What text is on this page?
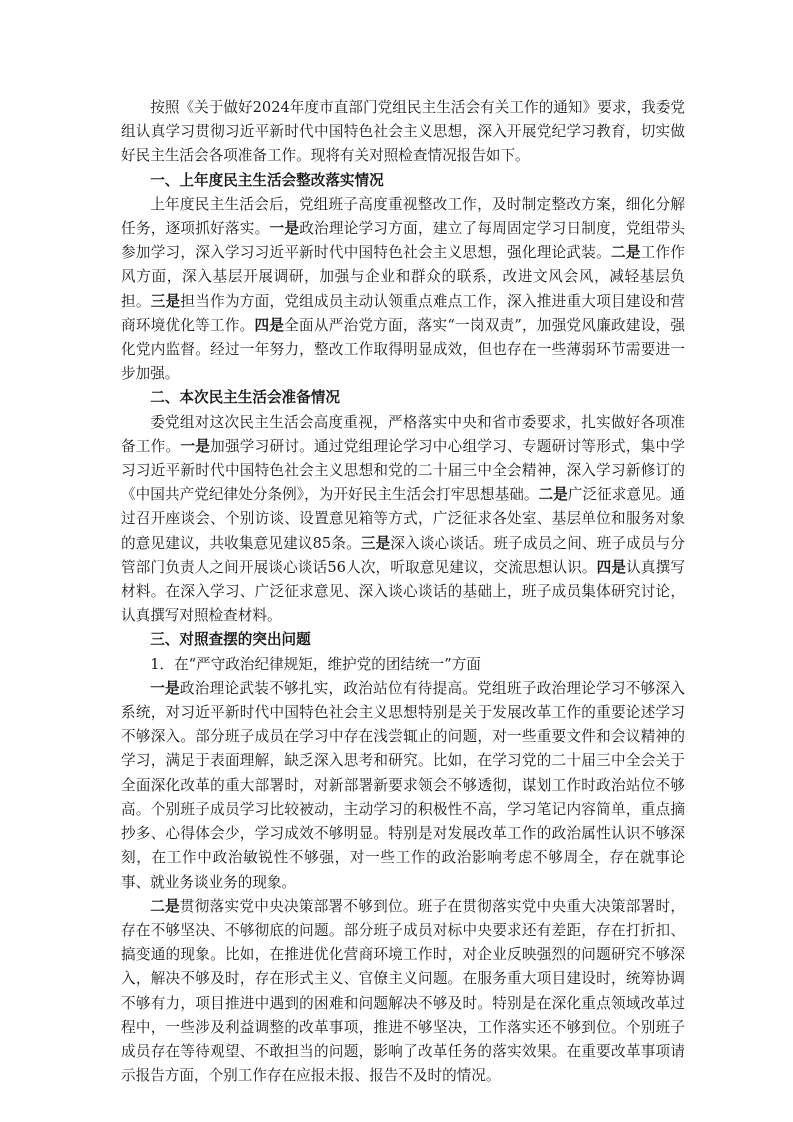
按照《关于做好2024年度市直部门党组民主生活会有关工作的通知》要求，我委党组认真学习贯彻习近平新时代中国特色社会主义思想，深入开展党纪学习教育，切实做好民主生活会各项准备工作。现将有关对照检查情况报告如下。

一、上年度民主生活会整改落实情况

上年度民主生活会后，党组班子高度重视整改工作，及时制定整改方案，细化分解任务，逐项抓好落实。一是政治理论学习方面，建立了每周固定学习日制度，党组带头参加学习，深入学习习近平新时代中国特色社会主义思想，强化理论武装。二是工作作风方面，深入基层开展调研，加强与企业和群众的联系，改进文风会风，减轻基层负担。三是担当作为方面，党组成员主动认领重点难点工作，深入推进重大项目建设和营商环境优化等工作。四是全面从严治党方面，落实“一岗双责”，加强党风廉政建设，强化党内监督。经过一年努力，整改工作取得明显成效，但也存在一些薄弱环节需要进一步加强。

二、本次民主生活会准备情况

委党组对这次民主生活会高度重视，严格落实中央和省市委要求，扎实做好各项准备工作。一是加强学习研讨。通过党组理论学习中心组学习、专题研讨等形式，集中学习习近平新时代中国特色社会主义思想和党的二十届三中全会精神，深入学习新修订的《中国共产党纪律处分条例》，为开好民主生活会打牢思想基础。二是广泛征求意见。通过召开座谈会、个别访谈、设置意见箱等方式，广泛征求各处室、基层单位和服务对象的意见建议，共收集意见建议85条。三是深入谈心谈话。班子成员之间、班子成员与分管部门负责人之间开展谈心谈话56人次，听取意见建议，交流思想认识。四是认真撰写材料。在深入学习、广泛征求意见、深入谈心谈话的基础上，班子成员集体研究讨论，认真撰写对照检查材料。

三、对照查摆的突出问题

1．在“严守政治纪律规矩，维护党的团结统一”方面

一是政治理论武装不够扎实，政治站位有待提高。党组班子政治理论学习不够深入系统，对习近平新时代中国特色社会主义思想特别是关于发展改革工作的重要论述学习不够深入。部分班子成员在学习中存在浅尝辄止的问题，对一些重要文件和会议精神的学习，满足于表面理解，缺乏深入思考和研究。比如，在学习党的二十届三中全会关于全面深化改革的重大部署时，对新部署新要求领会不够透彻，谋划工作时政治站位不够高。个别班子成员学习比较被动，主动学习的积极性不高，学习笔记内容简单，重点摘抄多、心得体会少，学习成效不够明显。特别是对发展改革工作的政治属性认识不够深刻，在工作中政治敏锐性不够强，对一些工作的政治影响考虑不够周全，存在就事论事、就业务谈业务的现象。

二是贯彻落实党中央决策部署不够到位。班子在贯彻落实党中央重大决策部署时，存在不够坚决、不够彻底的问题。部分班子成员对标中央要求还有差距，存在打折扣、搞变通的现象。比如，在推进优化营商环境工作时，对企业反映强烈的问题研究不够深入，解决不够及时，存在形式主义、官僚主义问题。在服务重大项目建设时，统筹协调不够有力，项目推进中遇到的困难和问题解决不够及时。特别是在深化重点领域改革过程中，一些涉及利益调整的改革事项，推进不够坚决，工作落实还不够到位。个别班子成员存在等待观望、不敢担当的问题，影响了改革任务的落实效果。在重要改革事项请示报告方面，个别工作存在应报未报、报告不及时的情况。
